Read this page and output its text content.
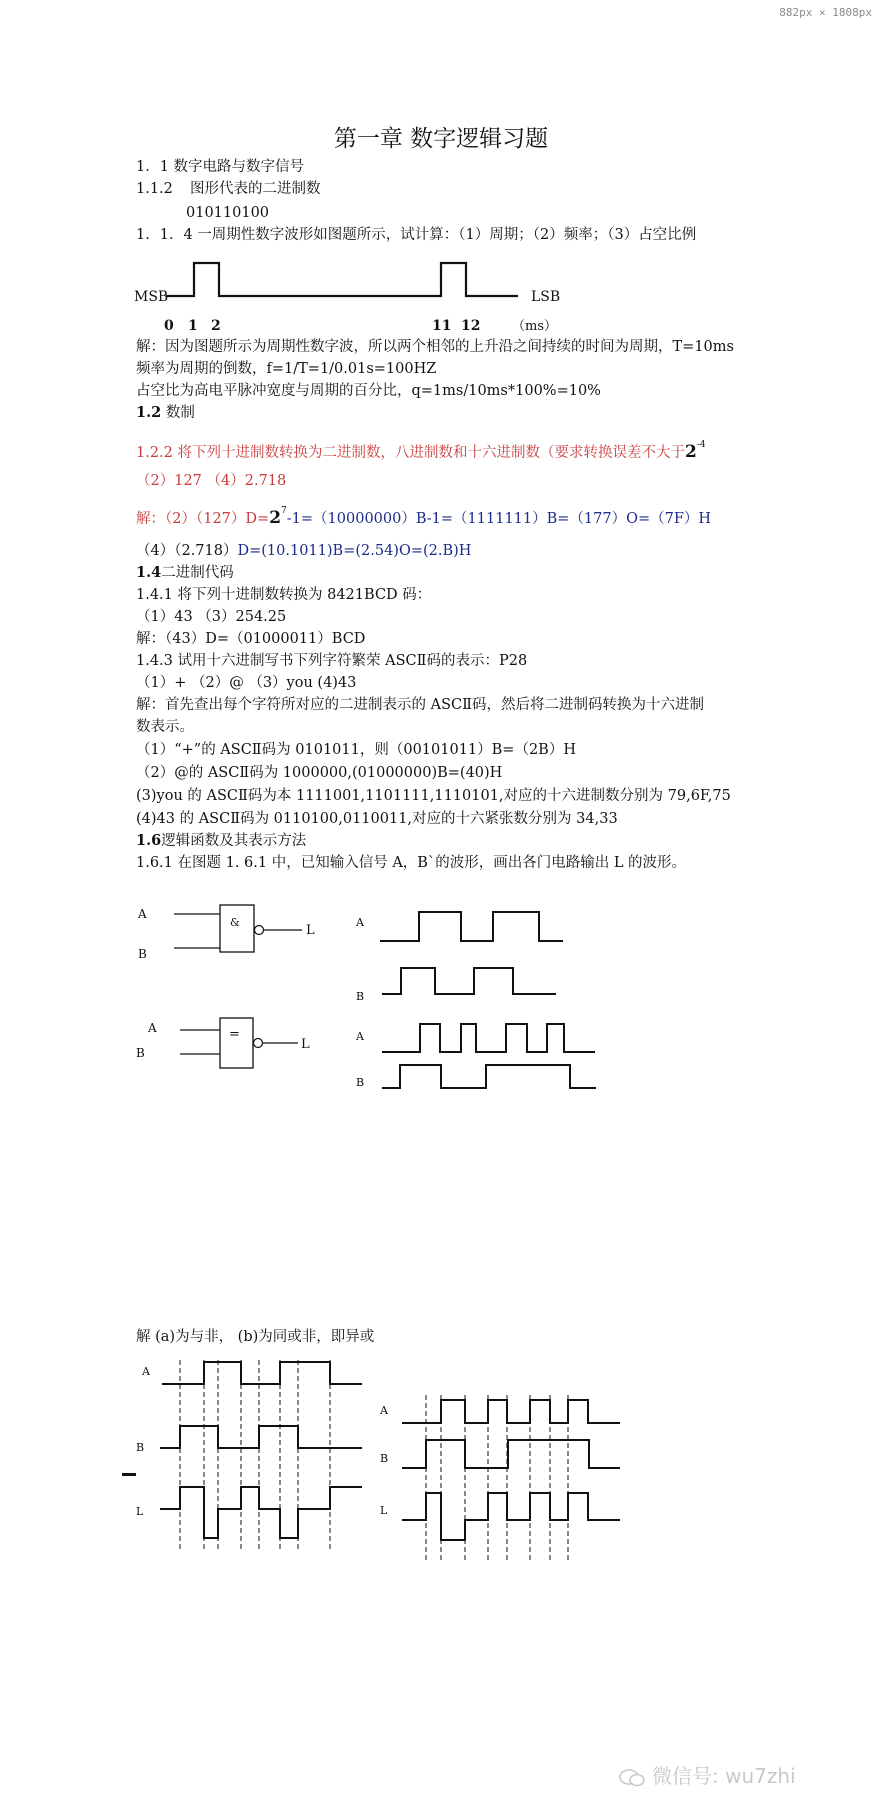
882px × 1808px
第一章 数字逻辑习题
1．1 数字电路与数字信号
1.1.2 图形代表的二进制数
010110100
1．1．4 一周期性数字波形如图题所示，试计算：（1）周期；（2）频率；（3）占空比例
MSB	LSB
0 1 2	11 12 （ms）
解：因为图题所示为周期性数字波，所以两个相邻的上升沿之间持续的时间为周期，T=10ms
频率为周期的倒数，f=1/T=1/0.01s=100HZ
占空比为高电平脉冲宽度与周期的百分比，q=1ms/10ms*100%=10%
1.2 数制
1.2.2 将下列十进制数转换为二进制数，八进制数和十六进制数（要求转换误差不大于$2^{-4}$
（2）127 （4）2.718
解：$(2)(127)D=2^7-1=(10000000)B-1=(1111111)B=(177)O=(7F)H$
（4）（2.718）D=(10.1011)B=(2.54)O=(2.B)H
1.4二进制代码
1.4.1 将下列十进制数转换为 8421BCD 码：
（1）43 （3）254.25
解：（43）D=（01000011）BCD
1.4.3 试用十六进制写书下列字符繁荣 ASCⅡ码的表示：P28
（1）+ （2）@ （3）you (4)43
解：首先查出每个字符所对应的二进制表示的 ASCⅡ码，然后将二进制码转换为十六进制
数表示。
（1）“+”的 ASCⅡ码为 0101011，则（00101011）B=（2B）H
（2）@的 ASCⅡ码为 1000000,(01000000)B=(40)H
(3)you 的 ASCⅡ码为本 1111001,1101111,1110101,对应的十六进制数分别为 79,6F,75
(4)43 的 ASCⅡ码为 0110100,0110011,对应的十六紧张数分别为 34,33
1.6逻辑函数及其表示方法
1.6.1 在图题 1. 6.1 中，已知输入信号 A，B`的波形，画出各门电路输出 L 的波形。
A
B
&
L
A
B
=
L
A
B
A
B
解 (a)为与非， (b)为同或非，即异或
A
B
L
A
B
L
微信号: wu7zhi
